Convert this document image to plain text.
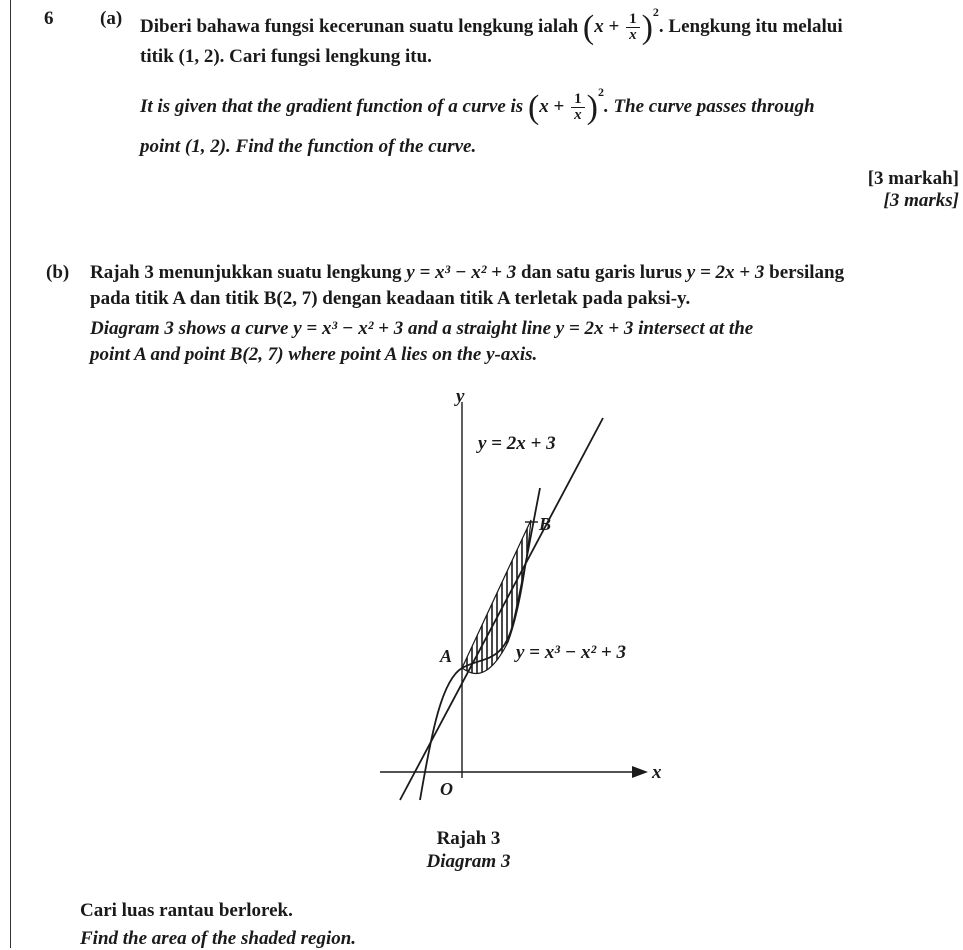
6 (a) Diberi bahawa fungsi kecerunan suatu lengkung ialah $(x + \frac{1}{x} )^2$. Lengkung itu melalui
titik (1, 2). Cari fungsi lengkung itu.
It is given that the gradient function of a curve is $(x + \frac{1}{x} )^2$. The curve passes through
point (1, 2). Find the function of the curve.
[3 markah]
[3 marks]
(b) Rajah 3 menunjukkan suatu lengkung y = x³ − x² + 3 dan satu garis lurus y = 2x + 3 bersilang
pada titik A dan titik B(2, 7) dengan keadaan titik A terletak pada paksi-y.
Diagram 3 shows a curve y = x³ − x² + 3 and a straight line y = 2x + 3 intersect at the
point A and point B(2, 7) where point A lies on the y-axis.
y
x
O
A
B
y = 2x + 3
y = x³ − x² + 3
Rajah 3
Diagram 3
Cari luas rantau berlorek.
Find the area of the shaded region.
